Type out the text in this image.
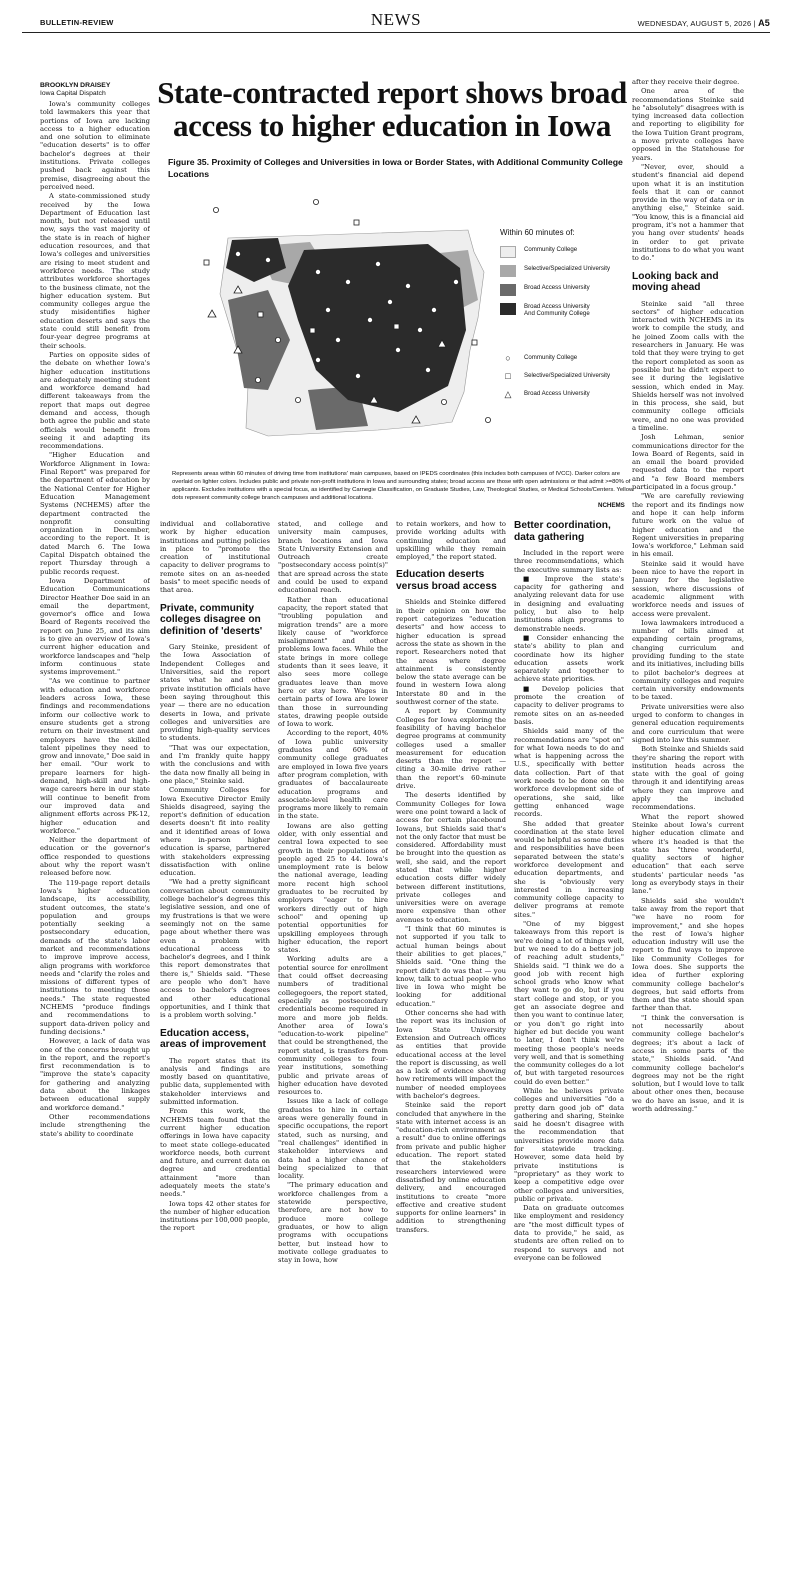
BULLETIN-REVIEW	NEWS	WEDNESDAY, AUGUST 5, 2026 | A5
BROOKLYN DRAISEY
Iowa Capital Dispatch	State-contracted report shows broad access to higher education in Iowa
Figure 35. Proximity of Colleges and Universities in Iowa or Border States, with Additional Community College Locations
Within 60 minutes of:
Community College
Selective/Specialized University
Broad Access University
Broad Access University And Community College
○	Community College
□	Selective/Specialized University
△	Broad Access University
Represents areas within 60 minutes of driving time from institutions' main campuses, based on IPEDS coordinates (this includes both campuses of IVCC). Darker colors are overlaid on lighter colors. Includes public and private non-profit institutions in Iowa and surrounding states; broad access are those with open admissions or that admit >=80% of applicants. Excludes institutions with a special focus, as identified by Carnegie Classification, on Graduate Studies, Law, Theological Studies, or Medical Schools/Centers. Yellow dots represent community college branch campuses and additional locations.
NCHEMS

Iowa's community colleges told lawmakers this year that portions of Iowa are lacking access to a higher education and one solution to eliminate "education deserts" is to offer bachelor's degrees at their institutions. Private colleges pushed back against this premise, disagreeing about the perceived need.

A state-commissioned study received by the Iowa Department of Education last month, but not released until now, says the vast majority of the state is in reach of higher education resources, and that Iowa's colleges and universities are rising to meet student and workforce needs. The study attributes workforce shortages to the business climate, not the higher education system. But community colleges argue the study misidentifies higher education deserts and says the state could still benefit from four-year degree programs at their schools.

Parties on opposite sides of the debate on whether Iowa's higher education institutions are adequately meeting student and workforce demand had different takeaways from the report that maps out degree demand and access, though both agree the public and state officials would benefit from seeing it and adapting its recommendations.

"Higher Education and Workforce Alignment in Iowa: Final Report" was prepared for the department of education by the National Center for Higher Education Management Systems (NCHEMS) after the department contracted the nonprofit consulting organization in December, according to the report. It is dated March 6. The Iowa Capital Dispatch obtained the report Thursday through a public records request.

Iowa Department of Education Communications Director Heather Doe said in an email the department, governor's office and Iowa Board of Regents received the report on June 25, and its aim is to give an overview of Iowa's current higher education and workforce landscapes and "help inform continuous state systems improvement."

"As we continue to partner with education and workforce leaders across Iowa, these findings and recommendations inform our collective work to ensure students get a strong return on their investment and employers have the skilled talent pipelines they need to grow and innovate," Doe said in her email. "Our work to prepare learners for high-demand, high-skill and high-wage careers here in our state will continue to benefit from our improved data and alignment efforts across PK-12, higher education and workforce."

Neither the department of education or the governor's office responded to questions about why the report wasn't released before now.

The 119-page report details Iowa's higher education landscape, its accessibility, student outcomes, the state's population and groups potentially seeking a postsecondary education, demands of the state's labor market and recommendations to improve improve access, align programs with workforce needs and "clarify the roles and missions of different types of institutions to meeting those needs." The state requested NCHEMS "produce findings and recommendations to support data-driven policy and funding decisions."

However, a lack of data was one of the concerns brought up in the report, and the report's first recommendation is to "improve the state's capacity for gathering and analyzing data about the linkages between educational supply and workforce demand."

Other recommendations include strengthening the state's ability to coordinate

individual and collaborative work by higher education institutions and putting policies in place to "promote the creation of institutional capacity to deliver programs to remote sites on an as-needed basis" to meet specific needs of that area.

Private, community colleges disagree on definition of 'deserts'

Gary Steinke, president of the Iowa Association of Independent Colleges and Universities, said the report states what he and other private institution officials have been saying throughout this year — there are no education deserts in Iowa, and private colleges and universities are providing high-quality services to students.

"That was our expectation, and I'm frankly quite happy with the conclusions and with the data now finally all being in one place," Steinke said.

Community Colleges for Iowa Executive Director Emily Shields disagreed, saying the report's definition of education deserts doesn't fit into reality and it identified areas of Iowa where in-person higher education is sparse, partnered with stakeholders expressing dissatisfaction with online education.

"We had a pretty significant conversation about community college bachelor's degrees this legislative session, and one of my frustrations is that we were seemingly not on the same page about whether there was even a problem with educational access to bachelor's degrees, and I think this report demonstrates that there is," Shields said. "These are people who don't have access to bachelor's degrees and other educational opportunities, and I think that is a problem worth solving."

Education access, areas of improvement

The report states that its analysis and findings are mostly based on quantitative, public data, supplemented with stakeholder interviews and submitted information.

From this work, the NCHEMS team found that the current higher education offerings in Iowa have capacity to meet state college-educated workforce needs, both current and future, and current data on degree and credential attainment "more than adequately meets the state's needs."

Iowa tops 42 other states for the number of higher education institutions per 100,000 people, the report

stated, and college and university main campuses, branch locations and Iowa State University Extension and Outreach create "postsecondary access point(s)" that are spread across the state and could be used to expand educational reach.

Rather than educational capacity, the report stated that "troubling population and migration trends" are a more likely cause of "workforce misalignment" and other problems Iowa faces. While the state brings in more college students than it sees leave, it also sees more college graduates leave than move here or stay here. Wages in certain parts of Iowa are lower than those in surrounding states, drawing people outside of Iowa to work.

According to the report, 40% of Iowa public university graduates and 60% of community college graduates are employed in Iowa five years after program completion, with graduates of baccalaureate education programs and associate-level health care programs more likely to remain in the state.

Iowans are also getting older, with only essential and central Iowa expected to see growth in their populations of people aged 25 to 44. Iowa's unemployment rate is below the national average, leading more recent high school graduates to be recruited by employers "eager to hire workers directly out of high school" and opening up potential opportunities for upskilling employees through higher education, the report states.

Working adults are a potential source for enrollment that could offset decreasing numbers of traditional collegegoers, the report stated, especially as postsecondary credentials become required in more and more job fields. Another area of Iowa's "education-to-work pipeline" that could be strengthened, the report stated, is transfers from community colleges to four-year institutions, something public and private areas of higher education have devoted resources to.

Issues like a lack of college graduates to hire in certain areas were generally found in specific occupations, the report stated, such as nursing, and "real challenges" identified in stakeholder interviews and data had a higher chance of being specialized to that locality.

"The primary education and workforce challenges from a statewide perspective, therefore, are not how to produce more college graduates, or how to align programs with occupations better, but instead how to motivate college graduates to stay in Iowa, how

to retain workers, and how to provide working adults with continuing education and upskilling while they remain employed," the report stated.

Education deserts versus broad access

Shields and Steinke differed in their opinion on how the report categorizes "education deserts" and how access to higher education is spread across the state as shown in the report. Researchers noted that the areas where degree attainment is consistently below the state average can be found in western Iowa along Interstate 80 and in the southwest corner of the state.

A report by Community Colleges for Iowa exploring the feasibility of having bachelor degree programs at community colleges used a smaller measurement for education deserts than the report — citing a 30-mile drive rather than the report's 60-minute drive.

The deserts identified by Community Colleges for Iowa were one point toward a lack of access for certain placebound Iowans, but Shields said that's not the only factor that must be considered. Affordability must be brought into the question as well, she said, and the report stated that while higher education costs differ widely between different institutions, private colleges and universities were on average more expensive than other avenues to education.

"I think that 60 minutes is not supported if you talk to actual human beings about their abilities to get places," Shields said. "One thing the report didn't do was that — you know, talk to actual people who live in Iowa who might be looking for additional education."

Other concerns she had with the report was its inclusion of Iowa State University Extension and Outreach offices as entities that provide educational access at the level the report is discussing, as well as a lack of evidence showing how retirements will impact the number of needed employees with bachelor's degrees.

Steinke said the report concluded that anywhere in the state with internet access is an "education-rich environment as a result" due to online offerings from private and public higher education. The report stated that the stakeholders researchers interviewed were dissatisfied by online education delivery, and encouraged institutions to create "more effective and creative student supports for online learners" in addition to strengthening transfers.

Better coordination, data gathering

Included in the report were three recommendations, which the executive summary lists as:

■ Improve the state's capacity for gathering and analyzing relevant data for use in designing and evaluating policy, but also to help institutions align programs to demonstrable needs.

■ Consider enhancing the state's ability to plan and coordinate how its higher education assets work separately and together to achieve state priorities.

■ Develop policies that promote the creation of capacity to deliver programs to remote sites on an as-needed basis.

Shields said many of the recommendations are "spot on" for what Iowa needs to do and what is happening across the U.S., specifically with better data collection. Part of that work needs to be done on the workforce development side of operations, she said, like getting enhanced wage records.

She added that greater coordination at the state level would be helpful as some duties and responsibilities have been separated between the state's workforce development and education departments, and she is "obviously very interested in increasing community college capacity to deliver programs at remote sites."

"One of my biggest takeaways from this report is we're doing a lot of things well, but we need to do a better job of reaching adult students," Shields said. "I think we do a good job with recent high school grads who know what they want to go do, but if you start college and stop, or you get an associate degree and then you want to continue later, or you don't go right into higher ed but decide you want to later, I don't think we're meeting those people's needs very well, and that is something the community colleges do a lot of, but with targeted resources could do even better."

While he believes private colleges and universities "do a pretty darn good job of" data gathering and sharing, Steinke said he doesn't disagree with the recommendation that universities provide more data for statewide tracking. However, some data held by private institutions is "proprietary" as they work to keep a competitive edge over other colleges and universities, public or private.

Data on graduate outcomes like employment and residency are "the most difficult types of data to provide," he said, as students are often relied on to respond to surveys and not everyone can be followed

after they receive their degree.

One area of the recommendations Steinke said he "absolutely" disagrees with is tying increased data collection and reporting to eligibility for the Iowa Tuition Grant program, a move private colleges have opposed in the Statehouse for years.

"Never, ever, should a student's financial aid depend upon what it is an institution feels that it can or cannot provide in the way of data or in anything else," Steinke said. "You know, this is a financial aid program, it's not a hammer that you hang over students' heads in order to get private institutions to do what you want to do."

Looking back and moving ahead

Steinke said "all three sectors" of higher education interacted with NCHEMS in its work to compile the study, and he joined Zoom calls with the researchers in January. He was told that they were trying to get the report completed as soon as possible but he didn't expect to see it during the legislative session, which ended in May. Shields herself was not involved in this process, she said, but community college officials were, and no one was provided a timeline.

Josh Lehman, senior communications director for the Iowa Board of Regents, said in an email the board provided requested data to the report and "a few Board members participated in a focus group."

"We are carefully reviewing the report and its findings now and hope it can help inform future work on the value of higher education and the Regent universities in preparing Iowa's workforce," Lehman said in his email.

Steinke said it would have been nice to have the report in January for the legislative session, where discussions of academic alignment with workforce needs and issues of access were prevalent.

Iowa lawmakers introduced a number of bills aimed at expanding certain programs, changing curriculum and providing funding to the state and its initiatives, including bills to pilot bachelor's degrees at community colleges and require certain university endowments to be taxed.

Private universities were also urged to conform to changes in general education requirements and core curriculum that were signed into law this summer.

Both Steinke and Shields said they're sharing the report with institution heads across the state with the goal of going through it and identifying areas where they can improve and apply the included recommendations.

What the report showed Steinke about Iowa's current higher education climate and where it's headed is that the state has "three wonderful, quality sectors of higher education" that each serve students' particular needs "as long as everybody stays in their lane."

Shields said she wouldn't take away from the report that "we have no room for improvement," and she hopes the rest of Iowa's higher education industry will use the report to find ways to improve like Community Colleges for Iowa does. She supports the idea of further exploring community college bachelor's degrees, but said efforts from them and the state should span farther than that.

"I think the conversation is not necessarily about community college bachelor's degrees; it's about a lack of access in some parts of the state," Shields said. "And community college bachelor's degrees may not be the right solution, but I would love to talk about other ones then, because we do have an issue, and it is worth addressing."
